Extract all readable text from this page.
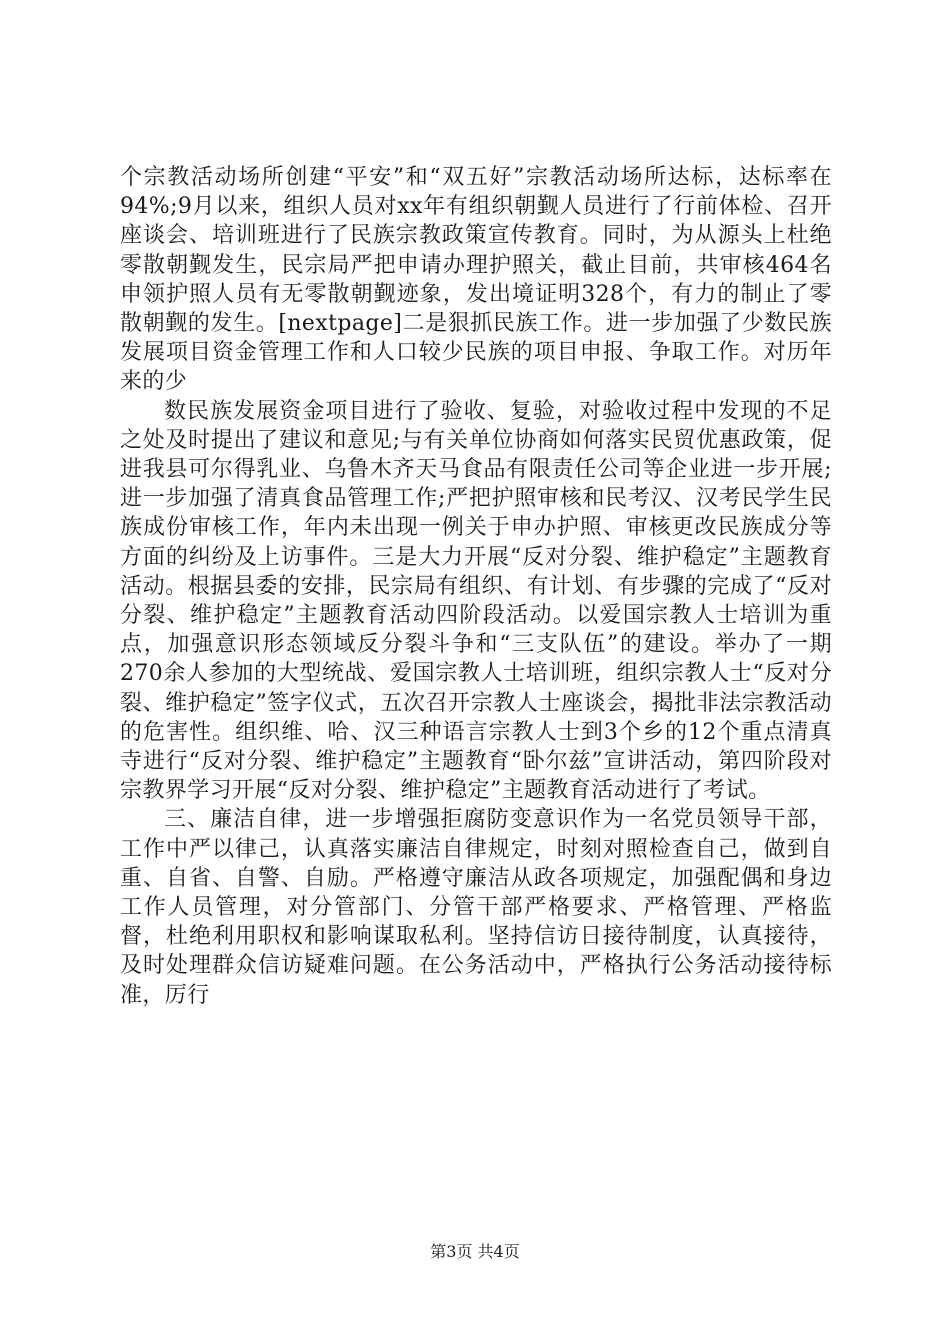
个宗教活动场所创建“平安”和“双五好”宗教活动场所达标，达标率在94%;9月以来，组织人员对xx年有组织朝觐人员进行了行前体检、召开座谈会、培训班进行了民族宗教政策宣传教育。同时，为从源头上杜绝零散朝觐发生，民宗局严把申请办理护照关，截止目前，共审核464名申领护照人员有无零散朝觐迹象，发出境证明328个，有力的制止了零散朝觐的发生。[nextpage]二是狠抓民族工作。进一步加强了少数民族发展项目资金管理工作和人口较少民族的项目申报、争取工作。对历年来的少

数民族发展资金项目进行了验收、复验，对验收过程中发现的不足之处及时提出了建议和意见;与有关单位协商如何落实民贸优惠政策，促进我县可尔得乳业、乌鲁木齐天马食品有限责任公司等企业进一步开展;进一步加强了清真食品管理工作;严把护照审核和民考汉、汉考民学生民族成份审核工作，年内未出现一例关于申办护照、审核更改民族成分等方面的纠纷及上访事件。三是大力开展“反对分裂、维护稳定”主题教育活动。根据县委的安排，民宗局有组织、有计划、有步骤的完成了“反对分裂、维护稳定”主题教育活动四阶段活动。以爱国宗教人士培训为重点，加强意识形态领域反分裂斗争和“三支队伍”的建设。举办了一期270余人参加的大型统战、爱国宗教人士培训班，组织宗教人士“反对分裂、维护稳定”签字仪式，五次召开宗教人士座谈会，揭批非法宗教活动的危害性。组织维、哈、汉三种语言宗教人士到3个乡的12个重点清真寺进行“反对分裂、维护稳定”主题教育“卧尔兹”宣讲活动，第四阶段对宗教界学习开展“反对分裂、维护稳定”主题教育活动进行了考试。

三、廉洁自律，进一步增强拒腐防变意识作为一名党员领导干部，工作中严以律己，认真落实廉洁自律规定，时刻对照检查自己，做到自重、自省、自警、自励。严格遵守廉洁从政各项规定，加强配偶和身边工作人员管理，对分管部门、分管干部严格要求、严格管理、严格监督，杜绝利用职权和影响谋取私利。坚持信访日接待制度，认真接待，及时处理群众信访疑难问题。在公务活动中，严格执行公务活动接待标准，厉行

第3页 共4页
